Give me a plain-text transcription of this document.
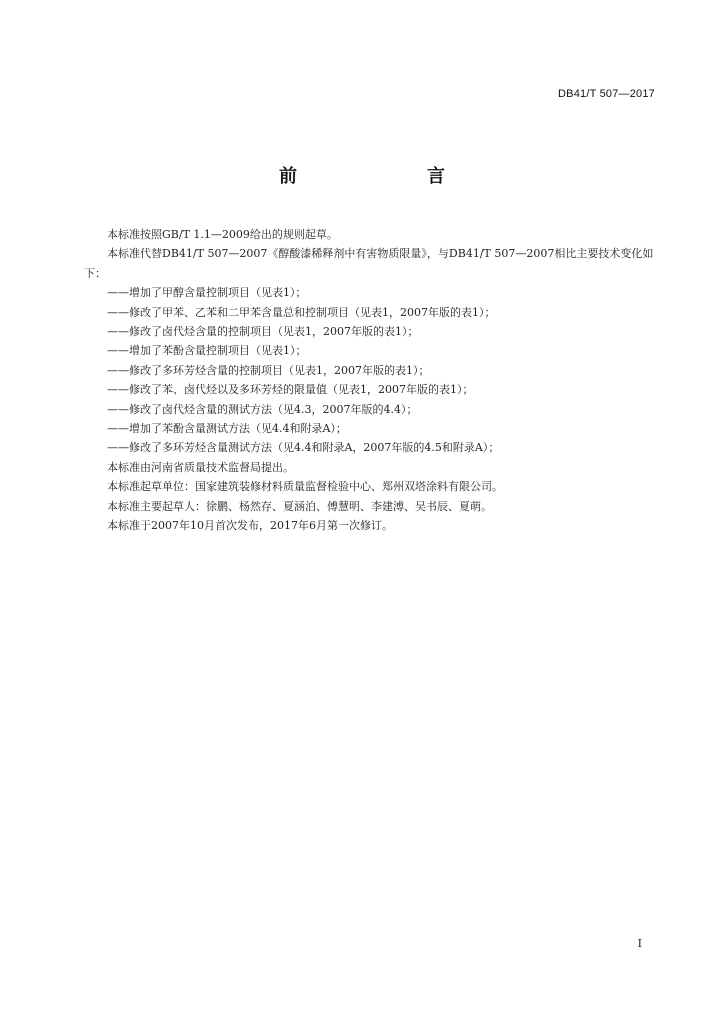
DB41/T 507—2017
前　言

本标准按照GB/T 1.1—2009给出的规则起草。

本标准代替DB41/T 507—2007《醇酸漆稀释剂中有害物质限量》，与DB41/T 507—2007相比主要技术变化如下：

——增加了甲醇含量控制项目（见表1）；

——修改了甲苯、乙苯和二甲苯含量总和控制项目（见表1，2007年版的表1）；

——修改了卤代烃含量的控制项目（见表1，2007年版的表1）；

——增加了苯酚含量控制项目（见表1）；

——修改了多环芳烃含量的控制项目（见表1，2007年版的表1）；

——修改了苯、卤代烃以及多环芳烃的限量值（见表1，2007年版的表1）；

——修改了卤代烃含量的测试方法（见4.3，2007年版的4.4）；

——增加了苯酚含量测试方法（见4.4和附录A）；

——修改了多环芳烃含量测试方法（见4.4和附录A，2007年版的4.5和附录A）；

本标准由河南省质量技术监督局提出。

本标准起草单位：国家建筑装修材料质量监督检验中心、郑州双塔涂料有限公司。

本标准主要起草人：徐鹏、杨然存、夏涵泊、傅慧明、李建溥、吴书辰、夏萌。

本标准于2007年10月首次发布，2017年6月第一次修订。

I
